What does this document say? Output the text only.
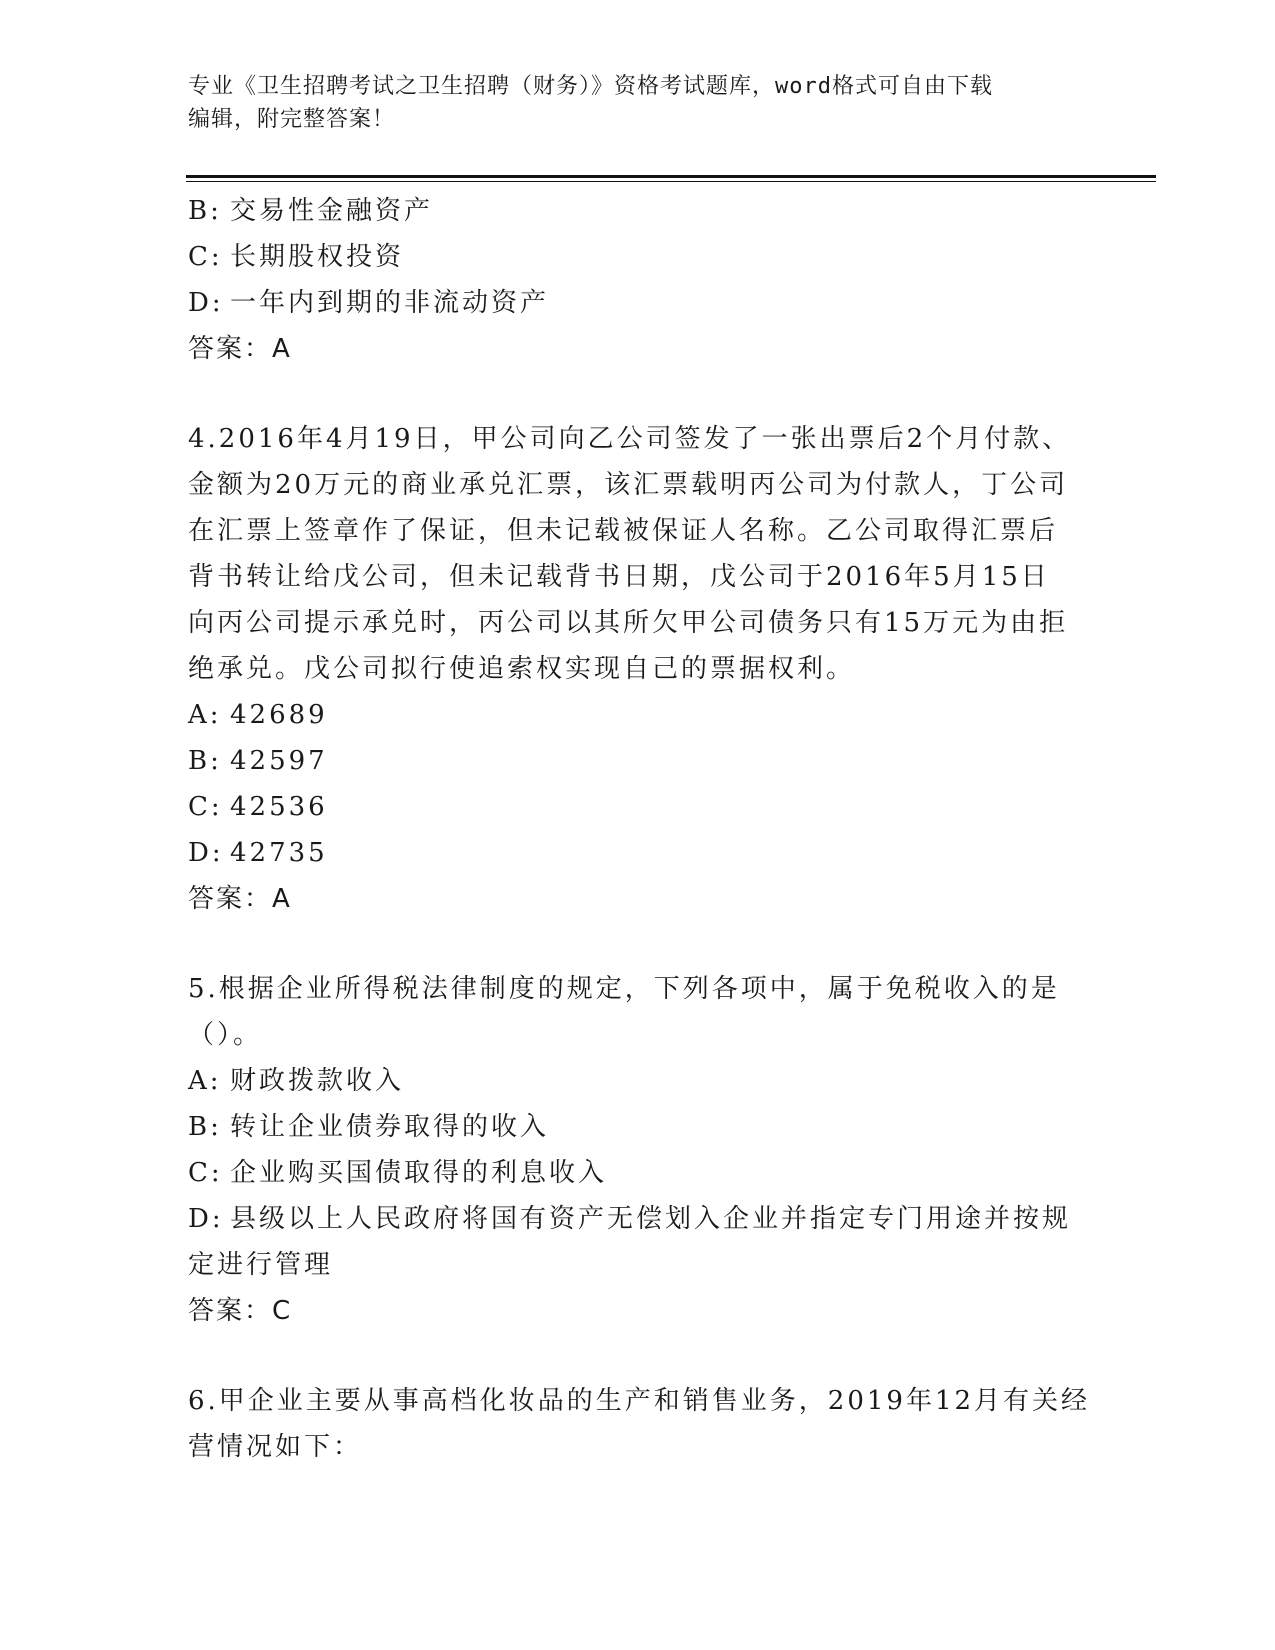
专业《卫生招聘考试之卫生招聘（财务）》资格考试题库，word格式可自由下载
编辑，附完整答案！
B: 交易性金融资产
C: 长期股权投资
D: 一年内到期的非流动资产
答案：A
4.2016年4月19日，甲公司向乙公司签发了一张出票后2个月付款、
金额为20万元的商业承兑汇票，该汇票载明丙公司为付款人，丁公司
在汇票上签章作了保证，但未记载被保证人名称。乙公司取得汇票后
背书转让给戊公司，但未记载背书日期，戊公司于2016年5月15日
向丙公司提示承兑时，丙公司以其所欠甲公司债务只有15万元为由拒
绝承兑。戊公司拟行使追索权实现自己的票据权利。
A: 42689
B: 42597
C: 42536
D: 42735
答案：A
5.根据企业所得税法律制度的规定，下列各项中，属于免税收入的是
（）。
A: 财政拨款收入
B: 转让企业债券取得的收入
C: 企业购买国债取得的利息收入
D: 县级以上人民政府将国有资产无偿划入企业并指定专门用途并按规
定进行管理
答案：C
6.甲企业主要从事高档化妆品的生产和销售业务，2019年12月有关经
营情况如下：
